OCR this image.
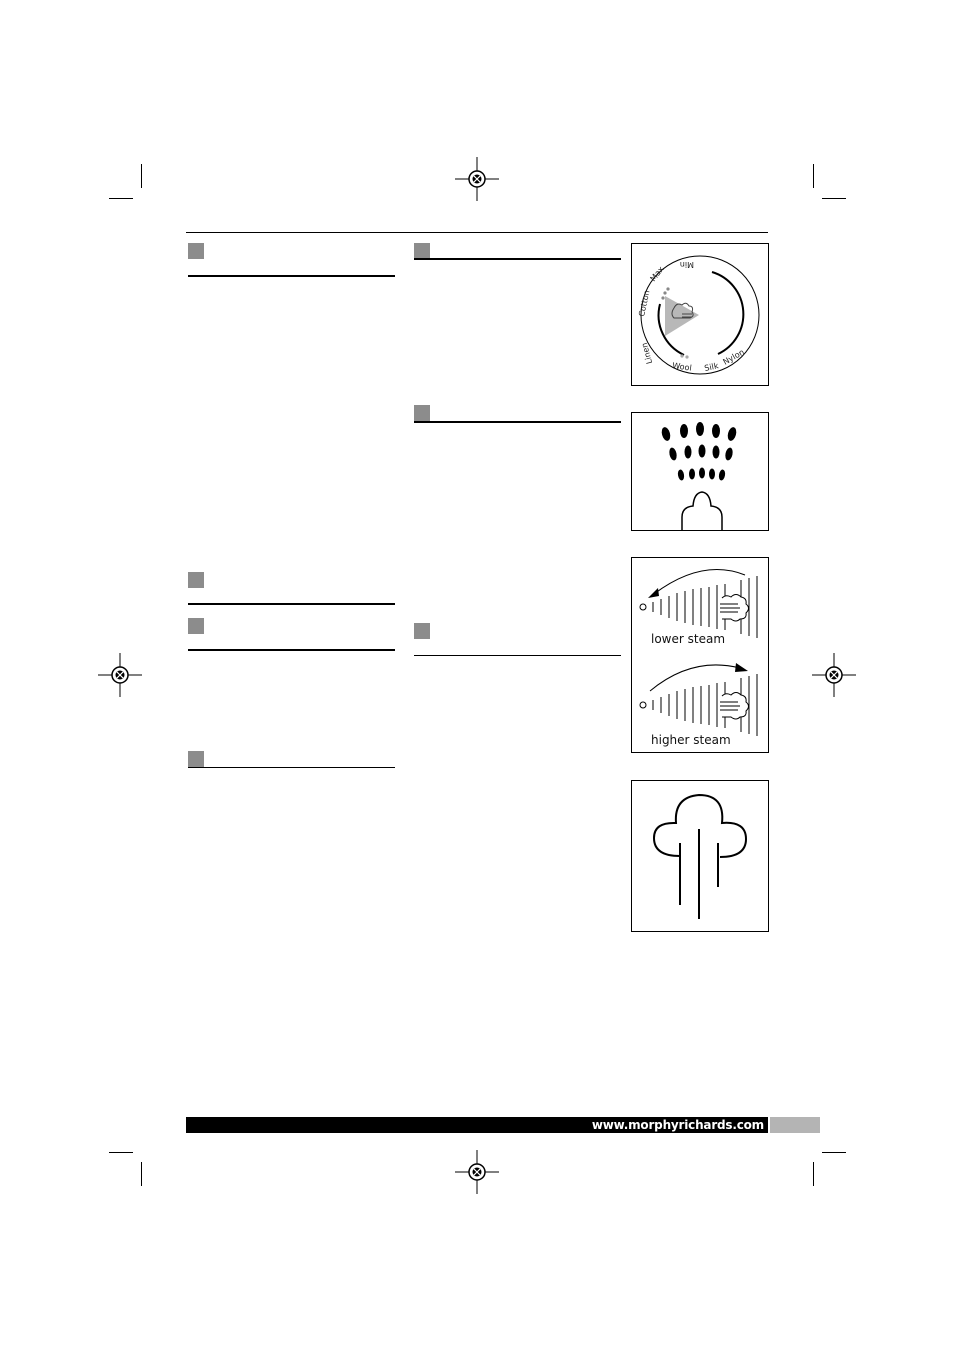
Max
Cotton
Linen
Wool Silk
Nylon
Min
lower steam
higher steam
www.morphyrichards.com
